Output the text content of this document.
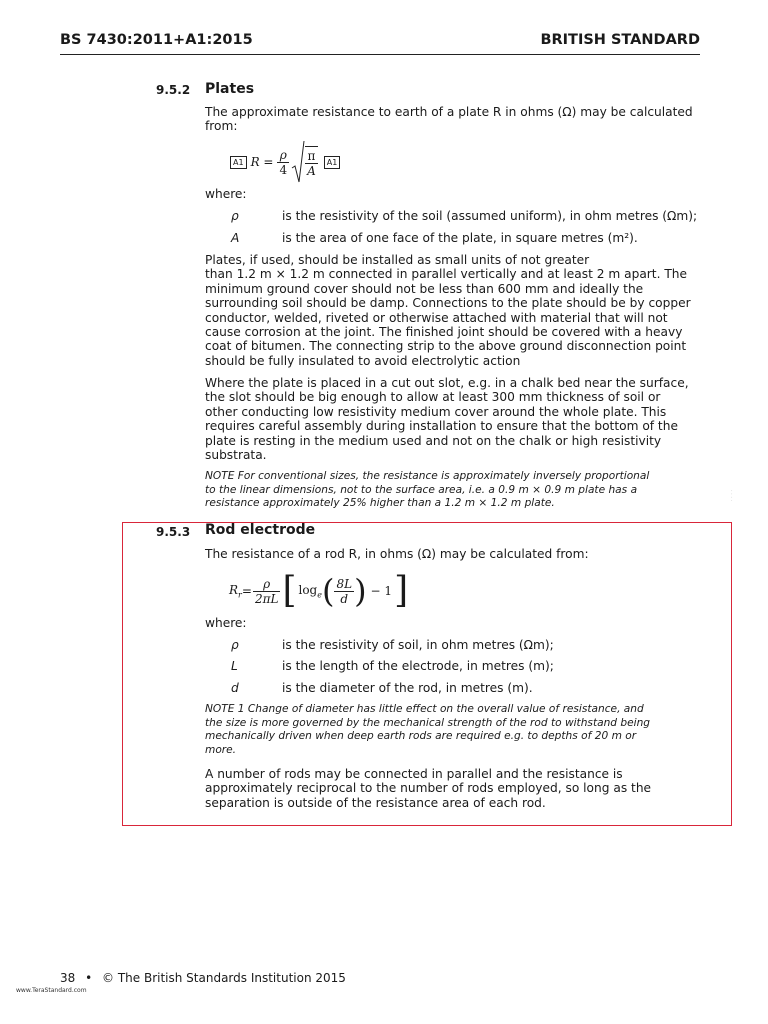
BS 7430:2011+A1:2015	BRITISH STANDARD
9.5.2 Plates
The approximate resistance to earth of a plate R in ohms (Ω) may be calculated
from:
A1 $R = \frac{\rho}{4} \frac{\pi}{A}$	A1
where:
ρ	is the resistivity of the soil (assumed uniform), in ohm metres (Ωm);
A	is the area of one face of the plate, in square metres (m²).
Plates, if used, should be installed as small units of not greater
than 1.2 m × 1.2 m connected in parallel vertically and at least 2 m apart. The
minimum ground cover should not be less than 600 mm and ideally the
surrounding soil should be damp. Connections to the plate should be by copper
conductor, welded, riveted or otherwise attached with material that will not
cause corrosion at the joint. The finished joint should be covered with a heavy
coat of bitumen. The connecting strip to the above ground disconnection point
should be fully insulated to avoid electrolytic action
Where the plate is placed in a cut out slot, e.g. in a chalk bed near the surface,
the slot should be big enough to allow at least 300 mm thickness of soil or
other conducting low resistivity medium cover around the whole plate. This
requires careful assembly during installation to ensure that the bottom of the
plate is resting in the medium used and not on the chalk or high resistivity
substrata.
NOTE For conventional sizes, the resistance is approximately inversely proportional
to the linear dimensions, not to the surface area, i.e. a 0.9 m × 0.9 m plate has a
resistance approximately 25% higher than a 1.2 m × 1.2 m plate.
· · · ·
9.5.3 Rod electrode
The resistance of a rod R, in ohms (Ω) may be calculated from:
$R_r = \frac{\rho}{2\pi L}$ [ $\log_e$ ( $\frac{8L}{d}$ ) − 1 ]
where:
ρ	is the resistivity of soil, in ohm metres (Ωm);
L	is the length of the electrode, in metres (m);
d	is the diameter of the rod, in metres (m).
NOTE 1 Change of diameter has little effect on the overall value of resistance, and
the size is more governed by the mechanical strength of the rod to withstand being
mechanically driven when deep earth rods are required e.g. to depths of 20 m or
more.
A number of rods may be connected in parallel and the resistance is
approximately reciprocal to the number of rods employed, so long as the
separation is outside of the resistance area of each rod.
38 • © The British Standards Institution 2015
www.TeraStandard.com
